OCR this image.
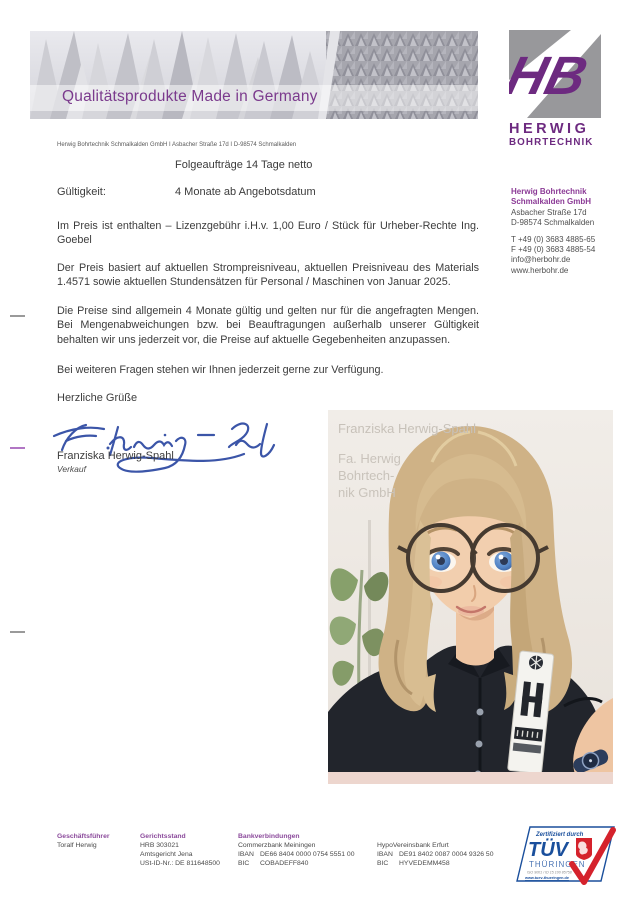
Qualitätsprodukte Made in Germany	HB
HERWIG
BOHRTECHNIK
Herwig Bohrtechnik Schmalkalden GmbH I Asbacher Straße 17d I D-98574 Schmalkalden
Folgeaufträge 14 Tage netto
Gültigkeit:	4 Monate ab Angebotsdatum
Im Preis ist enthalten – Lizenzgebühr i.H.v. 1,00 Euro / Stück für Urheber-Rechte Ing. Goebel
Der Preis basiert auf aktuellen Strompreisniveau, aktuellen Preisniveau des Materials 1.4571 sowie aktuellen Stundensätzen für Personal / Maschinen von Januar 2025.
Die Preise sind allgemein 4 Monate gültig und gelten nur für die angefragten Mengen. Bei Mengenabweichungen bzw. bei Beauftragungen außerhalb unserer Gültigkeit behalten wir uns jederzeit vor, die Preise auf aktuelle Gegebenheiten anzupassen.
Bei weiteren Fragen stehen wir Ihnen jederzeit gerne zur Verfügung.
Herzliche Grüße
Franziska Herwig-Spahl
Verkauf
Herwig Bohrtechnik
Schmalkalden GmbH
Asbacher Straße 17d
D-98574 Schmalkalden
T +49 (0) 3683 4885-65
F +49 (0) 3683 4885-54
info@herbohr.de
www.herbohr.de
Franziska Herwig-Spahl
Fa. Herwig
Bohrtech-
nik GmbH
Geschäftsführer
Toralf Herwig
Gerichtsstand
HRB 303021
Amtsgericht Jena
USt-ID-Nr.: DE 811648500
Bankverbindungen
Commerzbank Meiningen
IBAN DE66 8404 0000 0754 5551 00
BIC COBADEFF840
HypoVereinsbank Erfurt
IBAN DE91 8402 0087 0004 9326 50
BIC HYVEDEMM458
Zertifiziert durch
TÜV
THÜRINGEN
ISO 9001 / ID 15 100 85758
www.tuev-thueringen.de
